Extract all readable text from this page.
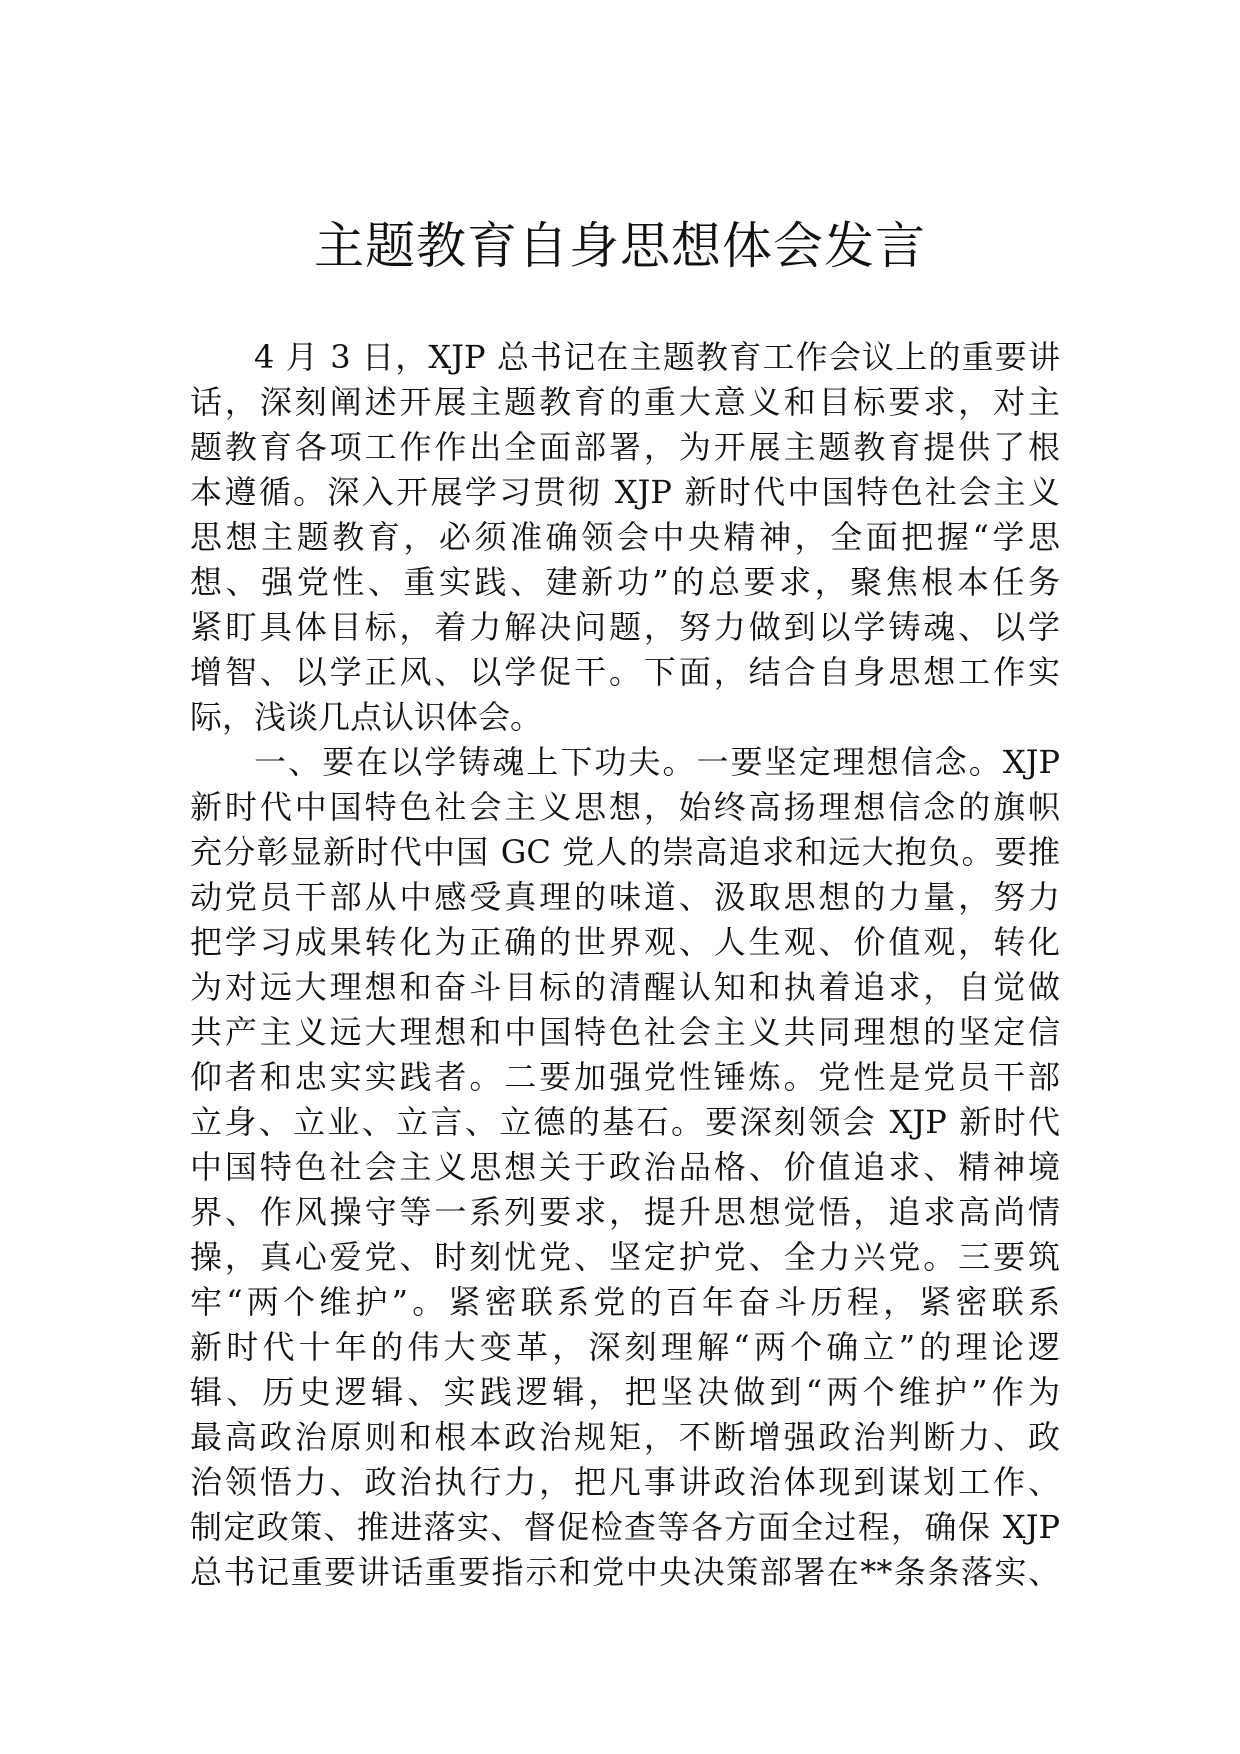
主题教育自身思想体会发言
4 月 3 日，XJP 总书记在主题教育工作会议上的重要讲
话，深刻阐述开展主题教育的重大意义和目标要求，对主
题教育各项工作作出全面部署，为开展主题教育提供了根
本遵循。深入开展学习贯彻 XJP 新时代中国特色社会主义
思想主题教育，必须准确领会中央精神，全面把握“学思
想、强党性、重实践、建新功”的总要求，聚焦根本任务
紧盯具体目标，着力解决问题，努力做到以学铸魂、以学
增智、以学正风、以学促干。下面，结合自身思想工作实
际，浅谈几点认识体会。
一、要在以学铸魂上下功夫。一要坚定理想信念。XJP
新时代中国特色社会主义思想，始终高扬理想信念的旗帜
充分彰显新时代中国 GC 党人的崇高追求和远大抱负。要推
动党员干部从中感受真理的味道、汲取思想的力量，努力
把学习成果转化为正确的世界观、人生观、价值观，转化
为对远大理想和奋斗目标的清醒认知和执着追求，自觉做
共产主义远大理想和中国特色社会主义共同理想的坚定信
仰者和忠实实践者。二要加强党性锤炼。党性是党员干部
立身、立业、立言、立德的基石。要深刻领会 XJP 新时代
中国特色社会主义思想关于政治品格、价值追求、精神境
界、作风操守等一系列要求，提升思想觉悟，追求高尚情
操，真心爱党、时刻忧党、坚定护党、全力兴党。三要筑
牢“两个维护”。紧密联系党的百年奋斗历程，紧密联系
新时代十年的伟大变革，深刻理解“两个确立”的理论逻
辑、历史逻辑、实践逻辑，把坚决做到“两个维护”作为
最高政治原则和根本政治规矩，不断增强政治判断力、政
治领悟力、政治执行力，把凡事讲政治体现到谋划工作、
制定政策、推进落实、督促检查等各方面全过程，确保 XJP
总书记重要讲话重要指示和党中央决策部署在**条条落实、
